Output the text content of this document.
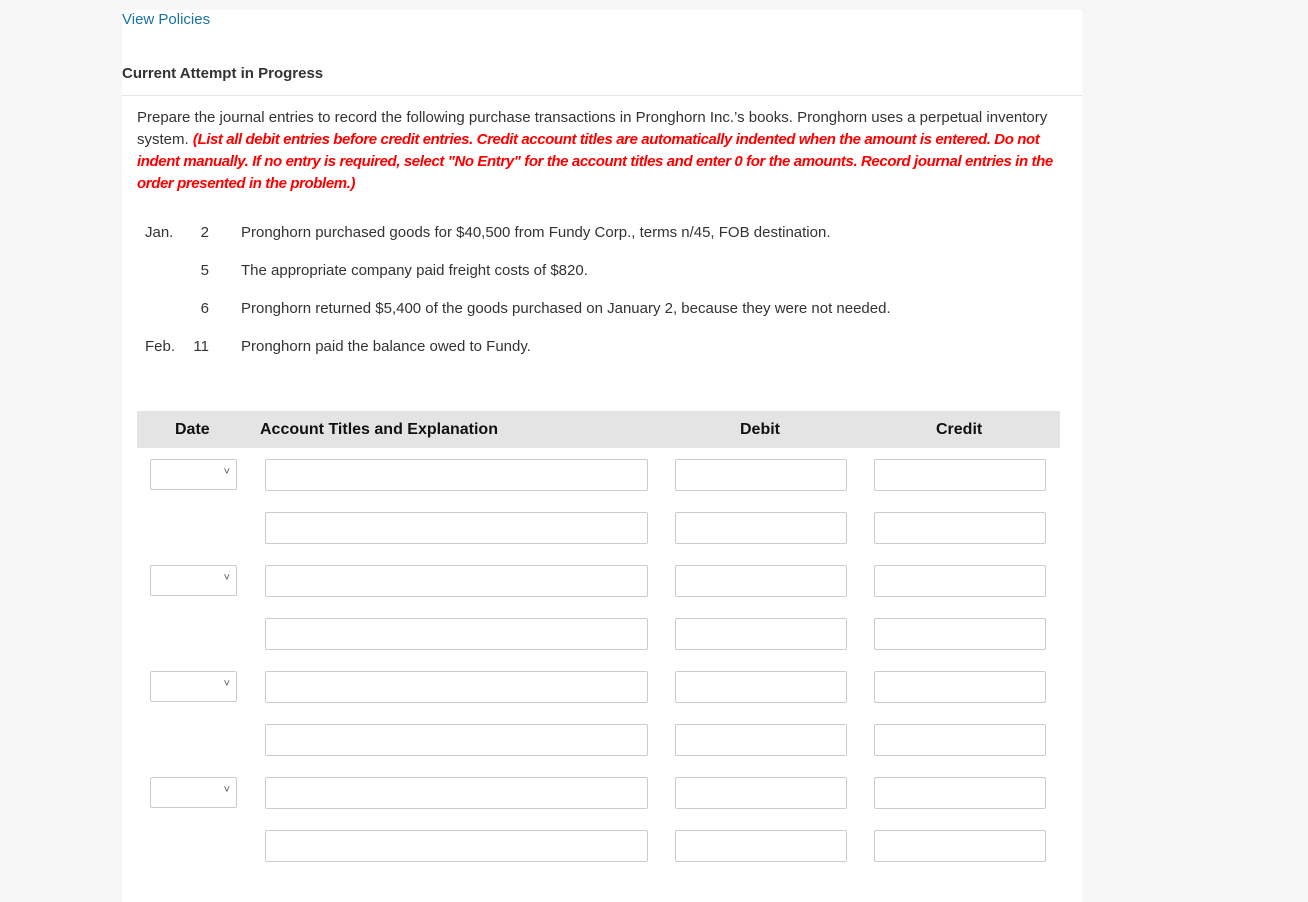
View Policies
Current Attempt in Progress
Prepare the journal entries to record the following purchase transactions in Pronghorn Inc.’s books. Pronghorn uses a perpetual inventory system. (List all debit entries before credit entries. Credit account titles are automatically indented when the amount is entered. Do not indent manually. If no entry is required, select "No Entry" for the account titles and enter 0 for the amounts. Record journal entries in the order presented in the problem.)
Jan.	2 Pronghorn purchased goods for $40,500 from Fundy Corp., terms n/45, FOB destination.
5 The appropriate company paid freight costs of $820.
6 Pronghorn returned $5,400 of the goods purchased on January 2, because they were not needed.
Feb.	11 Pronghorn paid the balance owed to Fundy.
Date	Account Titles and Explanation	Debit	Credit
˅
˅
˅
˅
